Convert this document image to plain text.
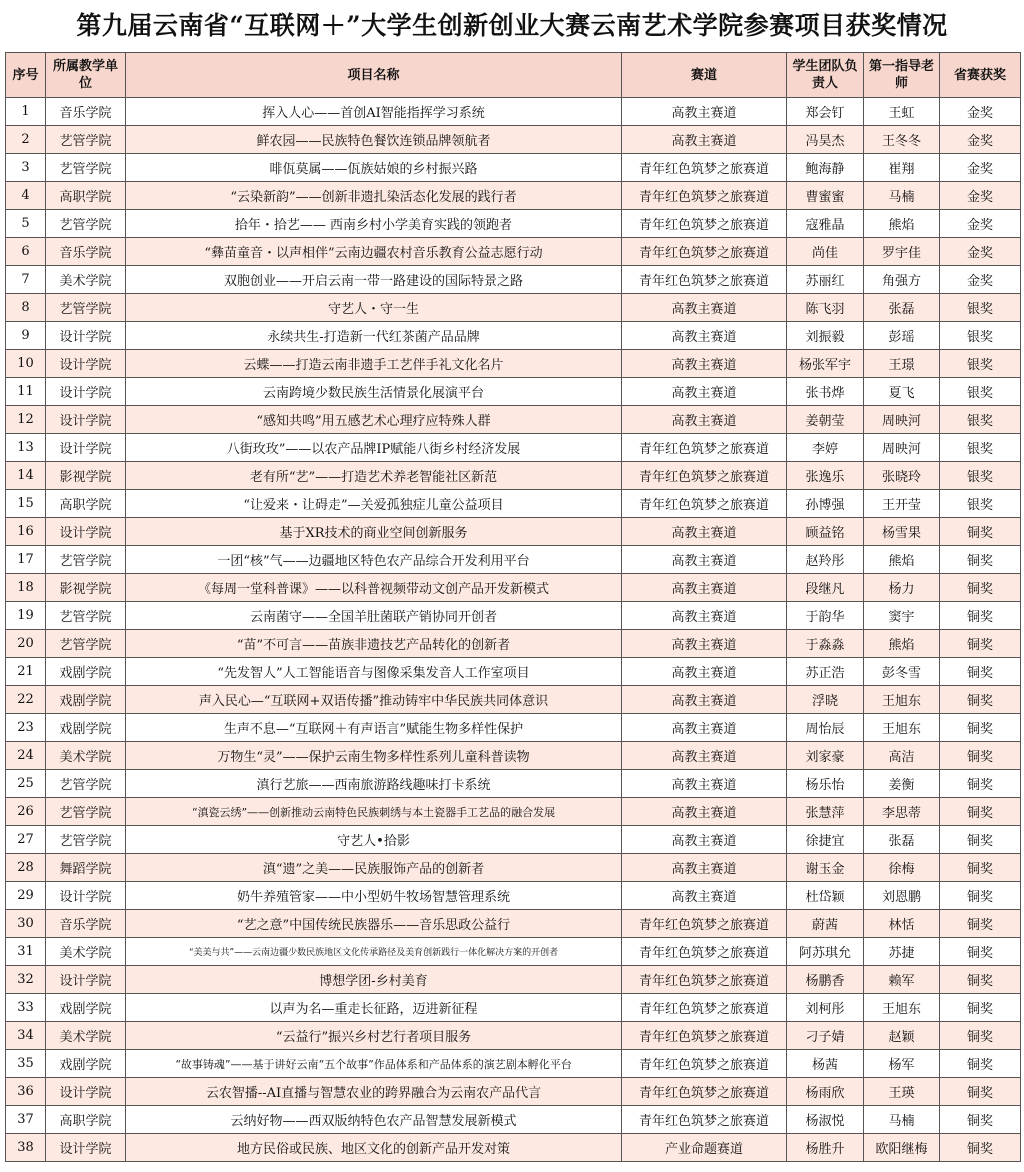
第九届云南省“互联网＋”大学生创新创业大赛云南艺术学院参赛项目获奖情况
序号	所属教学单位	项目名称	赛道	学生团队负责人	第一指导老师	省赛获奖
1	音乐学院	挥入人心——首创AI智能指挥学习系统	高教主赛道	郑会钉	王虹	金奖
2	艺管学院	鲜农园——民族特色餐饮连锁品牌领航者	高教主赛道	冯昊杰	王冬冬	金奖
3	艺管学院	啡佤莫属——佤族姑娘的乡村振兴路	青年红色筑梦之旅赛道	鲍海静	崔翔	金奖
4	高职学院	“云染新韵”——创新非遗扎染活态化发展的践行者	青年红色筑梦之旅赛道	曹蜜蜜	马楠	金奖
5	艺管学院	拾年・拾艺—— 西南乡村小学美育实践的领跑者	青年红色筑梦之旅赛道	寇雅晶	熊焰	金奖
6	音乐学院	“彝苗童音・以声相伴”云南边疆农村音乐教育公益志愿行动	青年红色筑梦之旅赛道	尚佳	罗宇佳	金奖
7	美术学院	双胞创业——开启云南一带一路建设的国际特景之路	青年红色筑梦之旅赛道	苏丽红	角强方	金奖
8	艺管学院	守艺人・守一生	高教主赛道	陈飞羽	张磊	银奖
9	设计学院	永续共生-打造新一代红茶菌产品品牌	高教主赛道	刘振毅	彭瑶	银奖
10	设计学院	云蝶——打造云南非遗手工艺伴手礼文化名片	高教主赛道	杨张军宇	王璟	银奖
11	设计学院	云南跨境少数民族生活情景化展演平台	高教主赛道	张书烨	夏飞	银奖
12	设计学院	“感知共鸣”用五感艺术心理疗应特殊人群	高教主赛道	姜朝莹	周映河	银奖
13	设计学院	八街玫玫”——以农产品牌IP赋能八街乡村经济发展	青年红色筑梦之旅赛道	李婷	周映河	银奖
14	影视学院	老有所“艺”——打造艺术养老智能社区新范	青年红色筑梦之旅赛道	张逸乐	张晓玲	银奖
15	高职学院	“让爱来・让碍走”—关爱孤独症儿童公益项目	青年红色筑梦之旅赛道	孙博强	王开莹	银奖
16	设计学院	基于XR技术的商业空间创新服务	高教主赛道	顾益铭	杨雪果	铜奖
17	艺管学院	一团“核”气——边疆地区特色农产品综合开发利用平台	高教主赛道	赵羚彤	熊焰	铜奖
18	影视学院	《每周一堂科普课》——以科普视频带动文创产品开发新模式	高教主赛道	段继凡	杨力	铜奖
19	艺管学院	云南菌守——全国羊肚菌联产销协同开创者	高教主赛道	于韵华	窦宇	铜奖
20	艺管学院	“苗”不可言——苗族非遗技艺产品转化的创新者	高教主赛道	于淼淼	熊焰	铜奖
21	戏剧学院	“先发智人”人工智能语音与图像采集发音人工作室项目	高教主赛道	苏正浩	彭冬雪	铜奖
22	戏剧学院	声入民心—“互联网+双语传播”推动铸牢中华民族共同体意识	高教主赛道	浮晓	王旭东	铜奖
23	戏剧学院	生声不息—“互联网＋有声语言”赋能生物多样性保护	高教主赛道	周怡辰	王旭东	铜奖
24	美术学院	万物生“灵”——保护云南生物多样性系列儿童科普读物	高教主赛道	刘家豪	高洁	铜奖
25	艺管学院	滇行艺旅——西南旅游路线趣味打卡系统	高教主赛道	杨乐怡	姜衡	铜奖
26	艺管学院	“滇瓷云绣”——创新推动云南特色民族刺绣与本土瓷器手工艺品的融合发展	高教主赛道	张慧萍	李思蒂	铜奖
27	艺管学院	守艺人•拾影	高教主赛道	徐捷宜	张磊	铜奖
28	舞蹈学院	滇“遗”之美——民族服饰产品的创新者	高教主赛道	谢玉金	徐梅	铜奖
29	设计学院	奶牛养殖管家——中小型奶牛牧场智慧管理系统	高教主赛道	杜岱颖	刘恩鹏	铜奖
30	音乐学院	“艺之意”中国传统民族器乐——音乐思政公益行	青年红色筑梦之旅赛道	蔚茜	林恬	铜奖
31	美术学院	“美美与共”——云南边疆少数民族地区文化传承路径及美育创新践行一体化解决方案的开创者	青年红色筑梦之旅赛道	阿苏琪允	苏捷	铜奖
32	设计学院	博想学团-乡村美育	青年红色筑梦之旅赛道	杨鹏香	赖军	铜奖
33	戏剧学院	以声为名—重走长征路，迈进新征程	青年红色筑梦之旅赛道	刘柯彤	王旭东	铜奖
34	美术学院	“云益行”振兴乡村艺行者项目服务	青年红色筑梦之旅赛道	刁子婧	赵颖	铜奖
35	戏剧学院	“故事铸魂”——基于讲好云南“五个故事”作品体系和产品体系的演艺剧本孵化平台	青年红色筑梦之旅赛道	杨茜	杨军	铜奖
36	设计学院	云农智播--AI直播与智慧农业的跨界融合为云南农产品代言	青年红色筑梦之旅赛道	杨雨欣	王瑛	铜奖
37	高职学院	云纳好物——西双版纳特色农产品智慧发展新模式	青年红色筑梦之旅赛道	杨淑悦	马楠	铜奖
38	设计学院	地方民俗或民族、地区文化的创新产品开发对策	产业命题赛道	杨胜升	欧阳继梅	铜奖
